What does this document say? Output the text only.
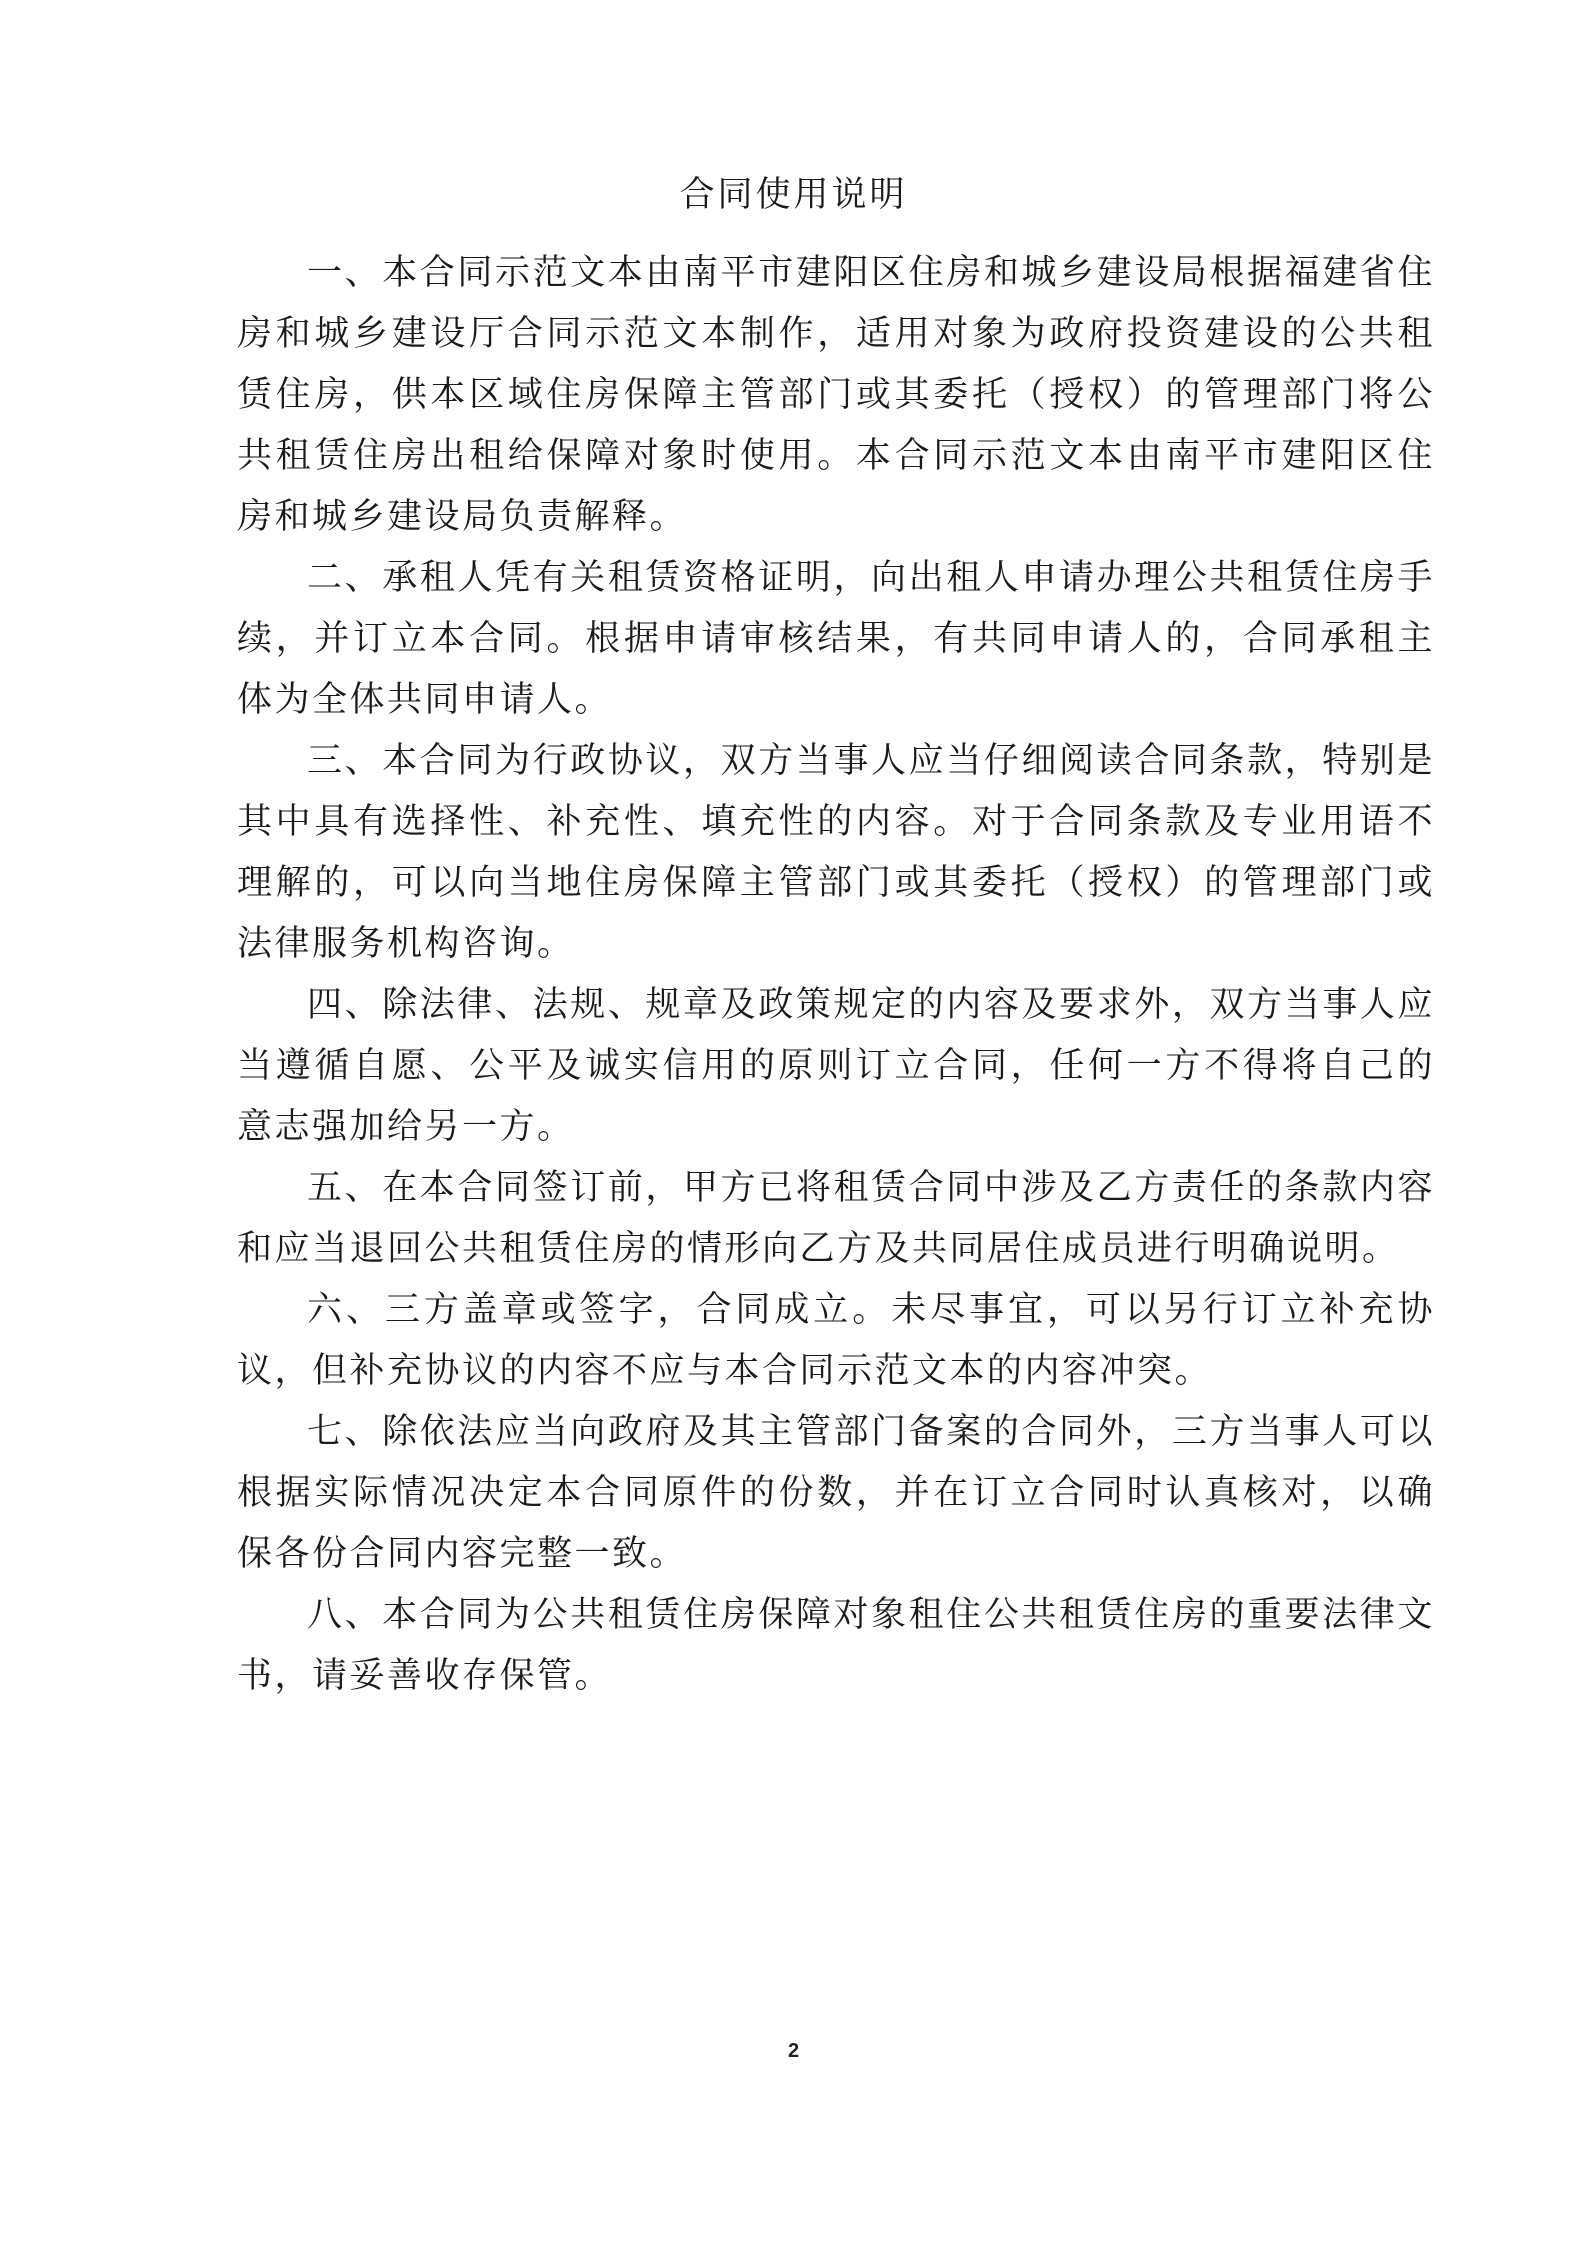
合同使用说明

一、本合同示范文本由南平市建阳区住房和城乡建设局根据福建省住房和城乡建设厅合同示范文本制作，适用对象为政府投资建设的公共租赁住房，供本区域住房保障主管部门或其委托（授权）的管理部门将公共租赁住房出租给保障对象时使用。本合同示范文本由南平市建阳区住房和城乡建设局负责解释。

二、承租人凭有关租赁资格证明，向出租人申请办理公共租赁住房手续，并订立本合同。根据申请审核结果，有共同申请人的，合同承租主体为全体共同申请人。

三、本合同为行政协议，双方当事人应当仔细阅读合同条款，特别是其中具有选择性、补充性、填充性的内容。对于合同条款及专业用语不理解的，可以向当地住房保障主管部门或其委托（授权）的管理部门或法律服务机构咨询。

四、除法律、法规、规章及政策规定的内容及要求外，双方当事人应当遵循自愿、公平及诚实信用的原则订立合同，任何一方不得将自己的意志强加给另一方。

五、在本合同签订前，甲方已将租赁合同中涉及乙方责任的条款内容和应当退回公共租赁住房的情形向乙方及共同居住成员进行明确说明。

六、三方盖章或签字，合同成立。未尽事宜，可以另行订立补充协议，但补充协议的内容不应与本合同示范文本的内容冲突。

七、除依法应当向政府及其主管部门备案的合同外，三方当事人可以根据实际情况决定本合同原件的份数，并在订立合同时认真核对，以确保各份合同内容完整一致。

八、本合同为公共租赁住房保障对象租住公共租赁住房的重要法律文书，请妥善收存保管。

2
